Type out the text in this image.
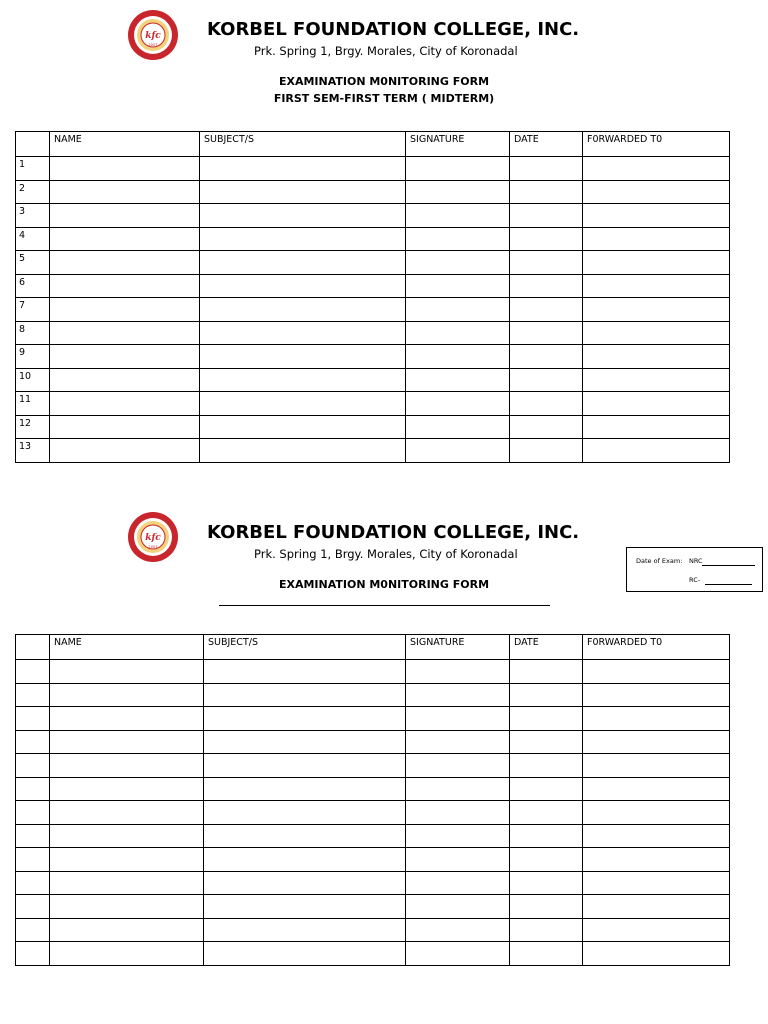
kfc
2007
KORBEL FOUNDATION COLLEGE, INC.
Prk. Spring 1, Brgy. Morales, City of Koronadal
EXAMINATION M0NITORING FORM
FIRST SEM-FIRST TERM ( MIDTERM)
	NAME	SUBJECT/S	SIGNATURE	DATE	F0RWARDED T0
1					
2					
3					
4					
5					
6					
7					
8					
9					
10					
11					
12					
13					
kfc
2007
KORBEL FOUNDATION COLLEGE, INC.
Prk. Spring 1, Brgy. Morales, City of Koronadal
EXAMINATION M0NITORING FORM
Date of Exam: NRC
RC-
	NAME	SUBJECT/S	SIGNATURE	DATE	F0RWARDED T0
